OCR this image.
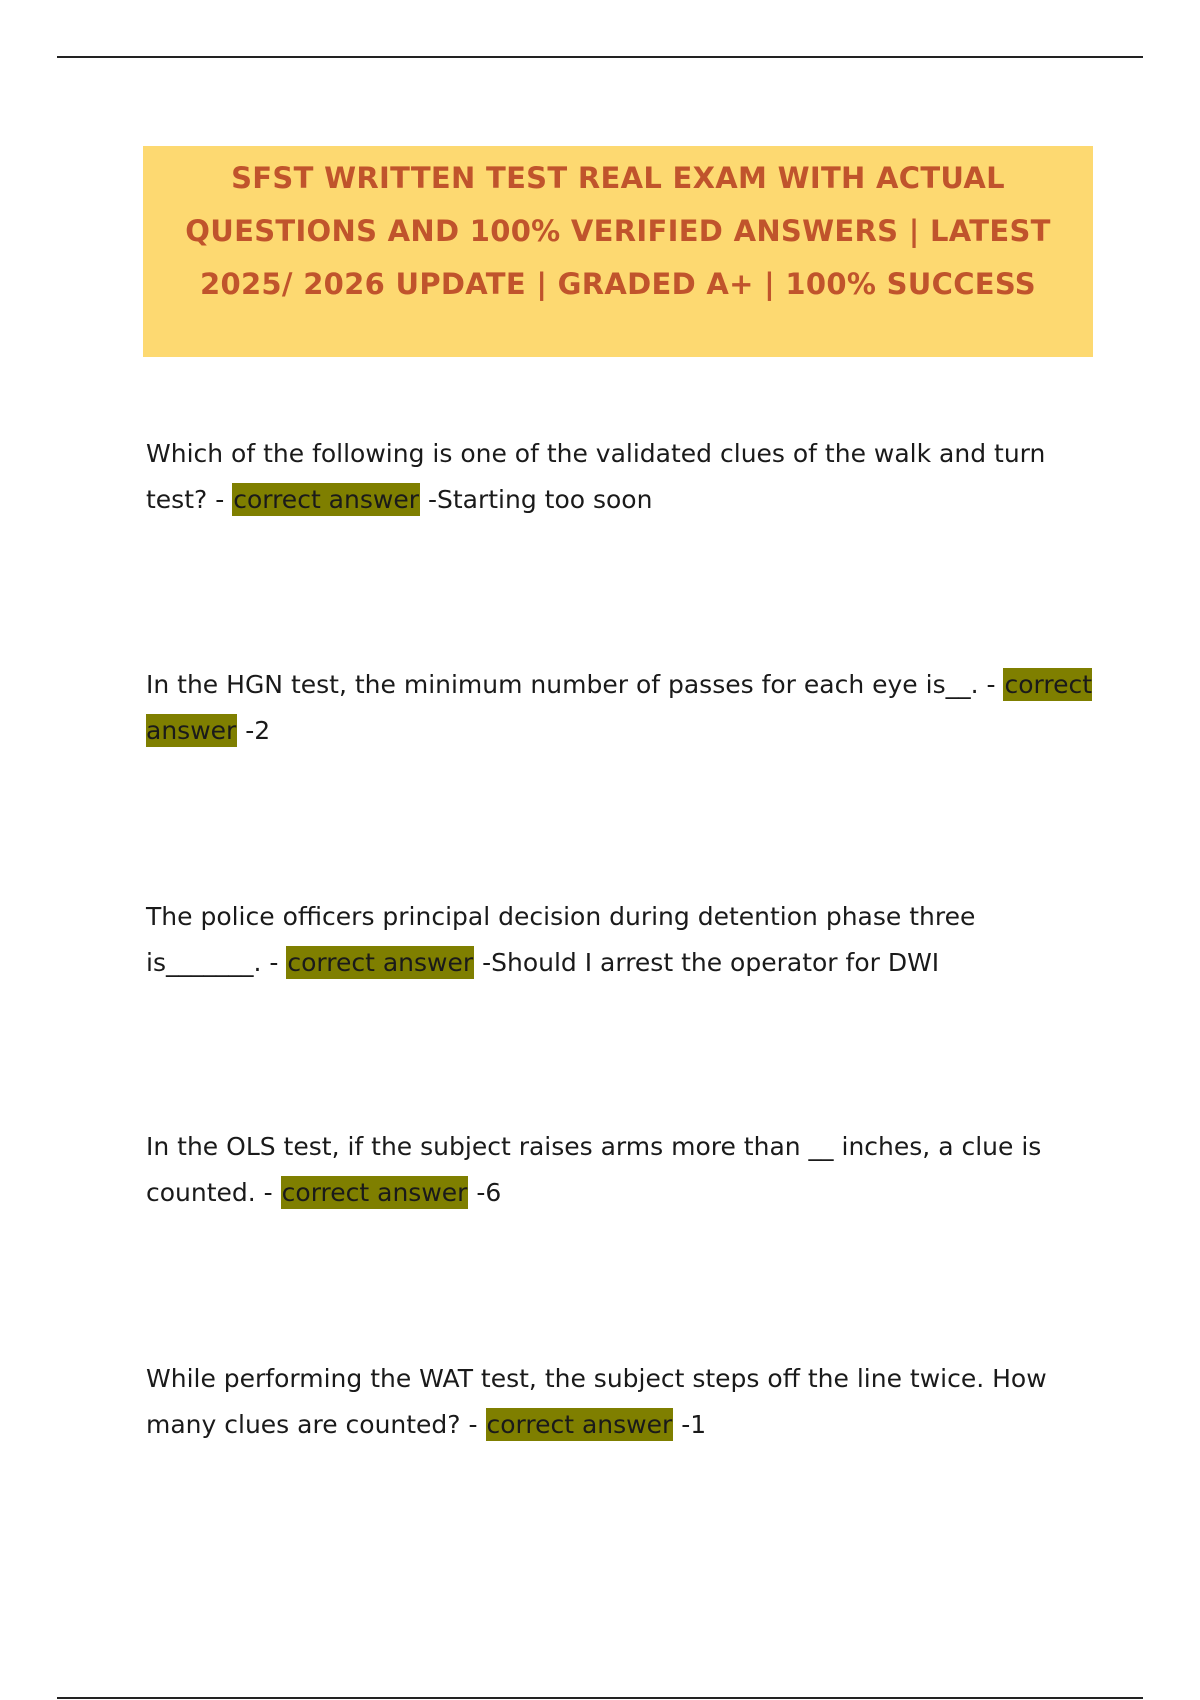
SFST WRITTEN TEST REAL EXAM WITH ACTUAL QUESTIONS AND 100% VERIFIED ANSWERS | LATEST 2025/ 2026 UPDATE | GRADED A+ | 100% SUCCESS

Which of the following is one of the validated clues of the walk and turn test? - correct answer -Starting too soon

In the HGN test, the minimum number of passes for each eye is__. - correct answer -2

The police officers principal decision during detention phase three is_______. - correct answer -Should I arrest the operator for DWI

In the OLS test, if the subject raises arms more than __ inches, a clue is counted. - correct answer -6

While performing the WAT test, the subject steps off the line twice. How many clues are counted? - correct answer -1
